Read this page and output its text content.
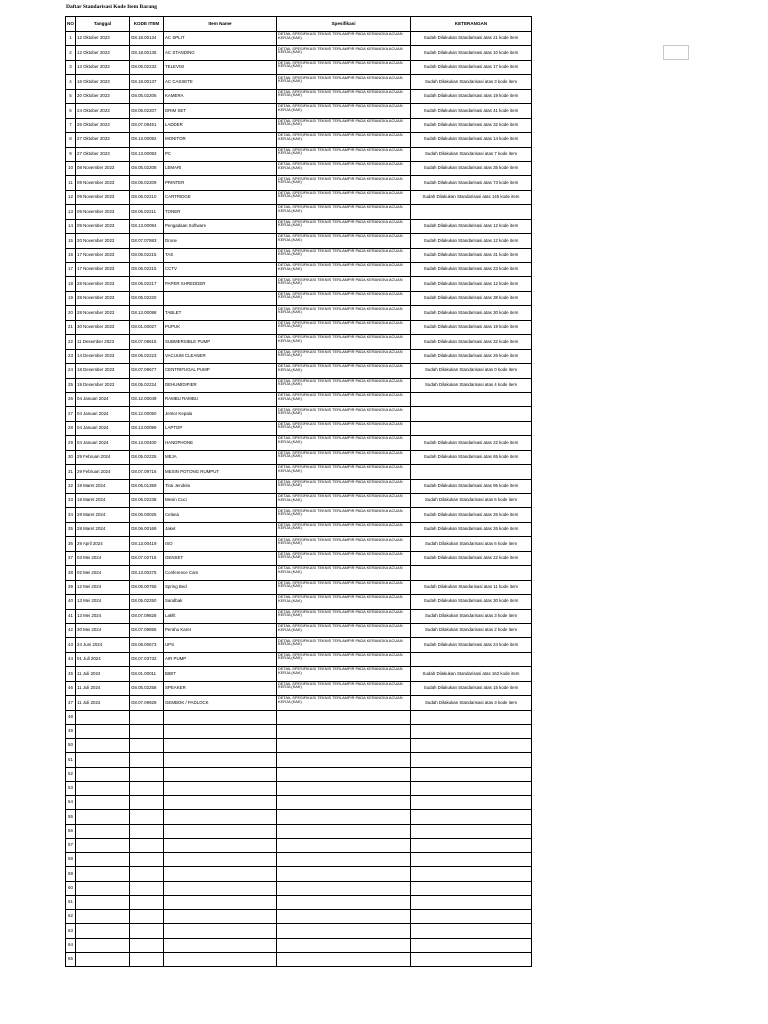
Daftar Standarisasi Kode Item Barang
NO	Tanggal	KODE ITEM	Item Name	Spesifikasi	KETERANGAN
1	12 Oktober 2023	G8.18.00134	AC SPLIT	DETAIL SPESIFIKASI TEKNIS TERLAMPIR PADA KERANGKA ACUAN KERJA (KAK)	Sudah Dilakukan Standarisasi atas 21 kode item
2	12 Oktober 2023	G8.18.00135	AC STANDING	DETAIL SPESIFIKASI TEKNIS TERLAMPIR PADA KERANGKA ACUAN KERJA (KAK)	Sudah Dilakukan Standarisasi atas 10 kode item
3	13 Oktober 2023	G8.05.02232	TELEVISI	DETAIL SPESIFIKASI TEKNIS TERLAMPIR PADA KERANGKA ACUAN KERJA (KAK)	Sudah Dilakukan Standarisasi atas 17 kode item
4	16 Oktober 2023	G8.18.00137	AC CASSETE	DETAIL SPESIFIKASI TEKNIS TERLAMPIR PADA KERANGKA ACUAN KERJA (KAK)	Sudah Dilakukan Standarisasi atas 3 kode item
5	20 Oktober 2023	G8.05.02206	KAMERA	DETAIL SPESIFIKASI TEKNIS TERLAMPIR PADA KERANGKA ACUAN KERJA (KAK)	Sudah Dilakukan Standarisasi atas 19 kode item
6	24 Oktober 2023	G8.05.02207	DRIM SET	DETAIL SPESIFIKASI TEKNIS TERLAMPIR PADA KERANGKA ACUAN KERJA (KAK)	Sudah Dilakukan Standarisasi atas 41 kode item
7	26 Oktober 2023	G8.07.09451	LADDER	DETAIL SPESIFIKASI TEKNIS TERLAMPIR PADA KERANGKA ACUAN KERJA (KAK)	Sudah Dilakukan Standarisasi atas 32 kode item
8	27 Oktober 2023	G8.13.00092	MONITOR	DETAIL SPESIFIKASI TEKNIS TERLAMPIR PADA KERANGKA ACUAN KERJA (KAK)	Sudah Dilakukan Standarisasi atas 14 kode item
9	27 Oktober 2023	G8.13.00093	PC	DETAIL SPESIFIKASI TEKNIS TERLAMPIR PADA KERANGKA ACUAN KERJA (KAK)	Sudah Dilakukan Standarisasi atas 7 kode item
10	08 November 2023	G8.05.02208	LEMARI	DETAIL SPESIFIKASI TEKNIS TERLAMPIR PADA KERANGKA ACUAN KERJA (KAK)	Sudah Dilakukan Standarisasi atas 35 kode item
11	09 November 2023	G8.05.02209	PRINTER	DETAIL SPESIFIKASI TEKNIS TERLAMPIR PADA KERANGKA ACUAN KERJA (KAK)	Sudah Dilakukan Standarisasi atas 73 kode item
12	09 November 2023	G8.05.02210	CARTRIDGE	DETAIL SPESIFIKASI TEKNIS TERLAMPIR PADA KERANGKA ACUAN KERJA (KAK)	Sudah Dilakukan Standarisasi atas 145 kode item
13	09 November 2023	G8.05.02211	TONER	DETAIL SPESIFIKASI TEKNIS TERLAMPIR PADA KERANGKA ACUAN KERJA (KAK)	
14	09 November 2023	G8.13.00094	Pengadaan Software	DETAIL SPESIFIKASI TEKNIS TERLAMPIR PADA KERANGKA ACUAN KERJA (KAK)	Sudah Dilakukan Standarisasi atas 12 kode item
15	20 November 2023	G8.07.07883	Drone	DETAIL SPESIFIKASI TEKNIS TERLAMPIR PADA KERANGKA ACUAN KERJA (KAK)	Sudah Dilakukan Standarisasi atas 12 kode item
16	17 November 2023	G8.05.02215	TAS	DETAIL SPESIFIKASI TEKNIS TERLAMPIR PADA KERANGKA ACUAN KERJA (KAK)	Sudah Dilakukan Standarisasi atas 31 kode item
17	17 November 2023	G8.05.02215	CCTV	DETAIL SPESIFIKASI TEKNIS TERLAMPIR PADA KERANGKA ACUAN KERJA (KAK)	Sudah Dilakukan Standarisasi atas 23 kode item
18	28 November 2023	G8.05.02217	PAPER SHREDDER	DETAIL SPESIFIKASI TEKNIS TERLAMPIR PADA KERANGKA ACUAN KERJA (KAK)	Sudah Dilakukan Standarisasi atas 12 kode item
19	28 November 2023	G8.05.02220		DETAIL SPESIFIKASI TEKNIS TERLAMPIR PADA KERANGKA ACUAN KERJA (KAK)	Sudah Dilakukan Standarisasi atas 38 kode item
20	28 November 2023	G8.13.00098	TABLET	DETAIL SPESIFIKASI TEKNIS TERLAMPIR PADA KERANGKA ACUAN KERJA (KAK)	Sudah Dilakukan Standarisasi atas 30 kode item
21	30 November 2023	G8.01.00027	PUPUK	DETAIL SPESIFIKASI TEKNIS TERLAMPIR PADA KERANGKA ACUAN KERJA (KAK)	Sudah Dilakukan Standarisasi atas 19 kode item
22	11 Desember 2023	G8.07.09615	SUBMERSIBLE PUMP	DETAIL SPESIFIKASI TEKNIS TERLAMPIR PADA KERANGKA ACUAN KERJA (KAK)	Sudah Dilakukan Standarisasi atas 32 kode item
23	14 Desember 2023	G8.05.02223	VACUUM CLEANER	DETAIL SPESIFIKASI TEKNIS TERLAMPIR PADA KERANGKA ACUAN KERJA (KAK)	Sudah Dilakukan Standarisasi atas 26 kode item
24	18 Desember 2023	G8.07.09677	CENTRIFUGAL PUMP	DETAIL SPESIFIKASI TEKNIS TERLAMPIR PADA KERANGKA ACUAN KERJA (KAK)	Sudah Dilakukan Standarisasi atas 0 kode item
25	19 Desember 2023	G8.05.02224	DEHUMIDIFIER	DETAIL SPESIFIKASI TEKNIS TERLAMPIR PADA KERANGKA ACUAN KERJA (KAK)	Sudah Dilakukan Standarisasi atas 4 kode item
26	04 Januari 2024	G8.12.00049	RAMBU RAMBU	DETAIL SPESIFIKASI TEKNIS TERLAMPIR PADA KERANGKA ACUAN KERJA (KAK)	
27	04 Januari 2024	G8.12.00050	Jentor Kepala	DETAIL SPESIFIKASI TEKNIS TERLAMPIR PADA KERANGKA ACUAN KERJA (KAK)	
28	04 Januari 2024	G8.13.00099	LAPTOP	DETAIL SPESIFIKASI TEKNIS TERLAMPIR PADA KERANGKA ACUAN KERJA (KAK)	
29	04 Januari 2024	G8.13.00400	HANDPHONE	DETAIL SPESIFIKASI TEKNIS TERLAMPIR PADA KERANGKA ACUAN KERJA (KAK)	Sudah Dilakukan Standarisasi atas 22 kode item
30	29 Februari 2024	G8.05.02225	MEJA	DETAIL SPESIFIKASI TEKNIS TERLAMPIR PADA KERANGKA ACUAN KERJA (KAK)	Sudah Dilakukan Standarisasi atas 65 kode item
31	29 Februari 2024	G8.07.09716	MESIN POTONG RUMPUT	DETAIL SPESIFIKASI TEKNIS TERLAMPIR PADA KERANGKA ACUAN KERJA (KAK)	
32	19 Maret 2024	G8.05.01359	Tirai Jendela	DETAIL SPESIFIKASI TEKNIS TERLAMPIR PADA KERANGKA ACUAN KERJA (KAK)	Sudah Dilakukan Standarisasi atas 95 kode item
33	19 Maret 2024	G8.05.02238	Mesin Cuci	DETAIL SPESIFIKASI TEKNIS TERLAMPIR PADA KERANGKA ACUAN KERJA (KAK)	Sudah Dilakukan Standarisasi atas 6 kode item
34	28 Maret 2024	G8.06.00025	Celana	DETAIL SPESIFIKASI TEKNIS TERLAMPIR PADA KERANGKA ACUAN KERJA (KAK)	Sudah Dilakukan Standarisasi atas 26 kode item
35	28 Maret 2024	G8.06.00169	Jaket	DETAIL SPESIFIKASI TEKNIS TERLAMPIR PADA KERANGKA ACUAN KERJA (KAK)	Sudah Dilakukan Standarisasi atas 26 kode item
36	29 April 2024	G8.13.00419	ISO	DETAIL SPESIFIKASI TEKNIS TERLAMPIR PADA KERANGKA ACUAN KERJA (KAK)	Sudah Dilakukan Standarisasi atas 6 kode item
37	03 Mei 2024	G8.07.02718	GENSET	DETAIL SPESIFIKASI TEKNIS TERLAMPIR PADA KERANGKA ACUAN KERJA (KAK)	Sudah Dilakukan Standarisasi atas 22 kode item
38	02 Mei 2024	G8.13.00275	Conference Cam	DETAIL SPESIFIKASI TEKNIS TERLAMPIR PADA KERANGKA ACUAN KERJA (KAK)	
39	12 Mei 2024	G8.05.00755	Spring Bed	DETAIL SPESIFIKASI TEKNIS TERLAMPIR PADA KERANGKA ACUAN KERJA (KAK)	Sudah Dilakukan Standarisasi atas 11 kode item
40	13 Mei 2024	G8.05.02250	Sandbak	DETAIL SPESIFIKASI TEKNIS TERLAMPIR PADA KERANGKA ACUAN KERJA (KAK)	Sudah Dilakukan Standarisasi atas 30 kode item
41	13 Mei 2024	G8.07.09828	Lakfit	DETAIL SPESIFIKASI TEKNIS TERLAMPIR PADA KERANGKA ACUAN KERJA (KAK)	Sudah Dilakukan Standarisasi atas 3 kode item
42	30 Mei 2024	G8.07.09855	Perahu Karet	DETAIL SPESIFIKASI TEKNIS TERLAMPIR PADA KERANGKA ACUAN KERJA (KAK)	Sudah Dilakukan Standarisasi atas 2 kode item
43	24 Juni 2024	G8.08.00673	UPS	DETAIL SPESIFIKASI TEKNIS TERLAMPIR PADA KERANGKA ACUAN KERJA (KAK)	Sudah Dilakukan Standarisasi atas 24 kode item
44	01 Juli 2024	G8.07.03732	AIR PUMP	DETAIL SPESIFIKASI TEKNIS TERLAMPIR PADA KERANGKA ACUAN KERJA (KAK)	
45	11 Juli 2024	G8.01.00011	BIBIT	DETAIL SPESIFIKASI TEKNIS TERLAMPIR PADA KERANGKA ACUAN KERJA (KAK)	Sudah Dilakukan Standarisasi atas 162 kode item
46	11 Juli 2024	G8.05.02258	SPEAKER	DETAIL SPESIFIKASI TEKNIS TERLAMPIR PADA KERANGKA ACUAN KERJA (KAK)	Sudah Dilakukan Standarisasi atas 15 kode item
47	11 Juli 2024	G8.07.09928	GEMBOK / PADLOCK	DETAIL SPESIFIKASI TEKNIS TERLAMPIR PADA KERANGKA ACUAN KERJA (KAK)	Sudah Dilakukan Standarisasi atas 3 kode item
48					
49					
50					
51					
52					
53					
54					
55					
56					
57					
58					
59					
60					
61					
62					
63					
64					
65					
